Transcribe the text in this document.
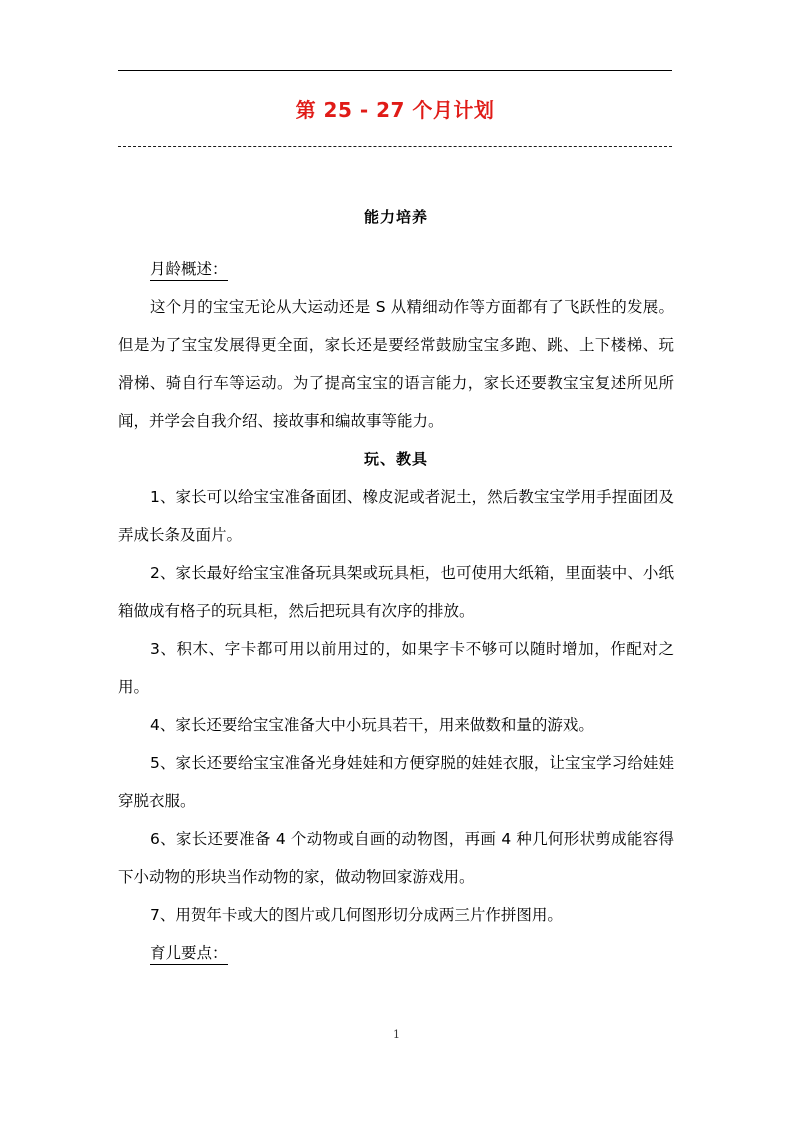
第 25 - 27 个月计划
能力培养

月龄概述：

这个月的宝宝无论从大运动还是 S 从精细动作等方面都有了飞跃性的发展。但是为了宝宝发展得更全面，家长还是要经常鼓励宝宝多跑、跳、上下楼梯、玩滑梯、骑自行车等运动。为了提高宝宝的语言能力，家长还要教宝宝复述所见所闻，并学会自我介绍、接故事和编故事等能力。

玩、教具

1、家长可以给宝宝准备面团、橡皮泥或者泥土，然后教宝宝学用手捏面团及弄成长条及面片。

2、家长最好给宝宝准备玩具架或玩具柜，也可使用大纸箱，里面装中、小纸箱做成有格子的玩具柜，然后把玩具有次序的排放。

3、积木、字卡都可用以前用过的，如果字卡不够可以随时增加，作配对之用。

4、家长还要给宝宝准备大中小玩具若干，用来做数和量的游戏。

5、家长还要给宝宝准备光身娃娃和方便穿脱的娃娃衣服，让宝宝学习给娃娃穿脱衣服。

6、家长还要准备 4 个动物或自画的动物图，再画 4 种几何形状剪成能容得下小动物的形块当作动物的家，做动物回家游戏用。

7、用贺年卡或大的图片或几何图形切分成两三片作拼图用。

育儿要点：

1
